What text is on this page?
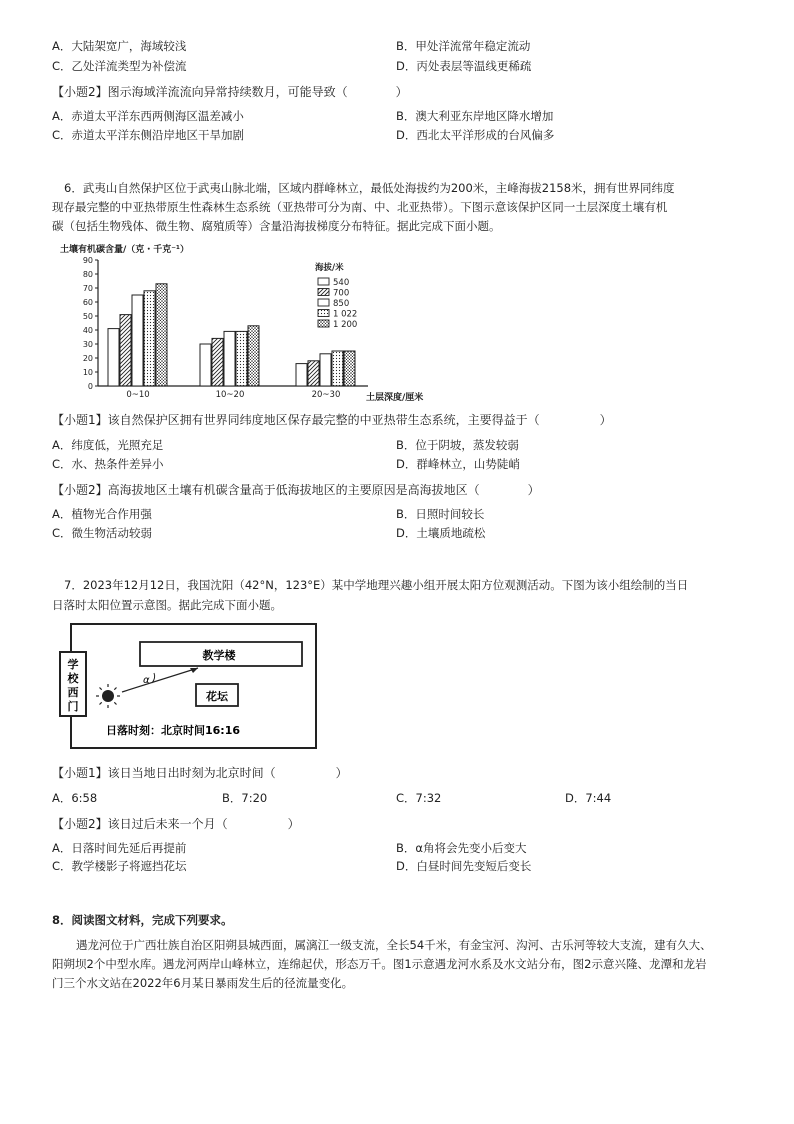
A．大陆架宽广，海域较浅	B．甲处洋流常年稳定流动
C．乙处洋流类型为补偿流	D．丙处表层等温线更稀疏
【小题2】图示海域洋流流向异常持续数月，可能导致（　　　　）
A．赤道太平洋东西两侧海区温差减小	B．澳大利亚东岸地区降水增加
C．赤道太平洋东侧沿岸地区干旱加剧	D．西北太平洋形成的台风偏多
6．武夷山自然保护区位于武夷山脉北端，区域内群峰林立，最低处海拔约为200米，主峰海拔2158米，拥有世界同纬度
现存最完整的中亚热带原生性森林生态系统（亚热带可分为南、中、北亚热带）。下图示意该保护区同一土层深度土壤有机
碳（包括生物残体、微生物、腐殖质等）含量沿海拔梯度分布特征。据此完成下面小题。
土壤有机碳含量/（克・千克⁻¹）
0
10
20
30
40
50
60
70
80
90
0~10	10~20	20~30
海拔/米
540
700
850
1 022
1 200
土层深度/厘米
【小题1】该自然保护区拥有世界同纬度地区保存最完整的中亚热带生态系统，主要得益于（　　　　　）
A．纬度低，光照充足	B．位于阴坡，蒸发较弱
C．水、热条件差异小	D．群峰林立，山势陡峭
【小题2】高海拔地区土壤有机碳含量高于低海拔地区的主要原因是高海拔地区（　　　　）
A．植物光合作用强	B．日照时间较长
C．微生物活动较弱	D．土壤质地疏松
7．2023年12月12日，我国沈阳（42°N，123°E）某中学地理兴趣小组开展太阳方位观测活动。下图为该小组绘制的当日
日落时太阳位置示意图。据此完成下面小题。
学
校
西
门
教学楼
花坛
α
日落时刻：北京时间16:16
【小题1】该日当地日出时刻为北京时间（　　　　　）
A．6:58	B．7:20	C．7:32	D．7:44
【小题2】该日过后未来一个月（　　　　　）
A．日落时间先延后再提前	B．α角将会先变小后变大
C．教学楼影子将遮挡花坛	D．白昼时间先变短后变长
8．阅读图文材料，完成下列要求。
遇龙河位于广西壮族自治区阳朔县城西面，属漓江一级支流，全长54千米，有金宝河、沟河、古乐河等较大支流，建有久大、
阳朔坝2个中型水库。遇龙河两岸山峰林立，连绵起伏，形态万千。图1示意遇龙河水系及水文站分布，图2示意兴隆、龙潭和龙岩
门三个水文站在2022年6月某日暴雨发生后的径流量变化。
